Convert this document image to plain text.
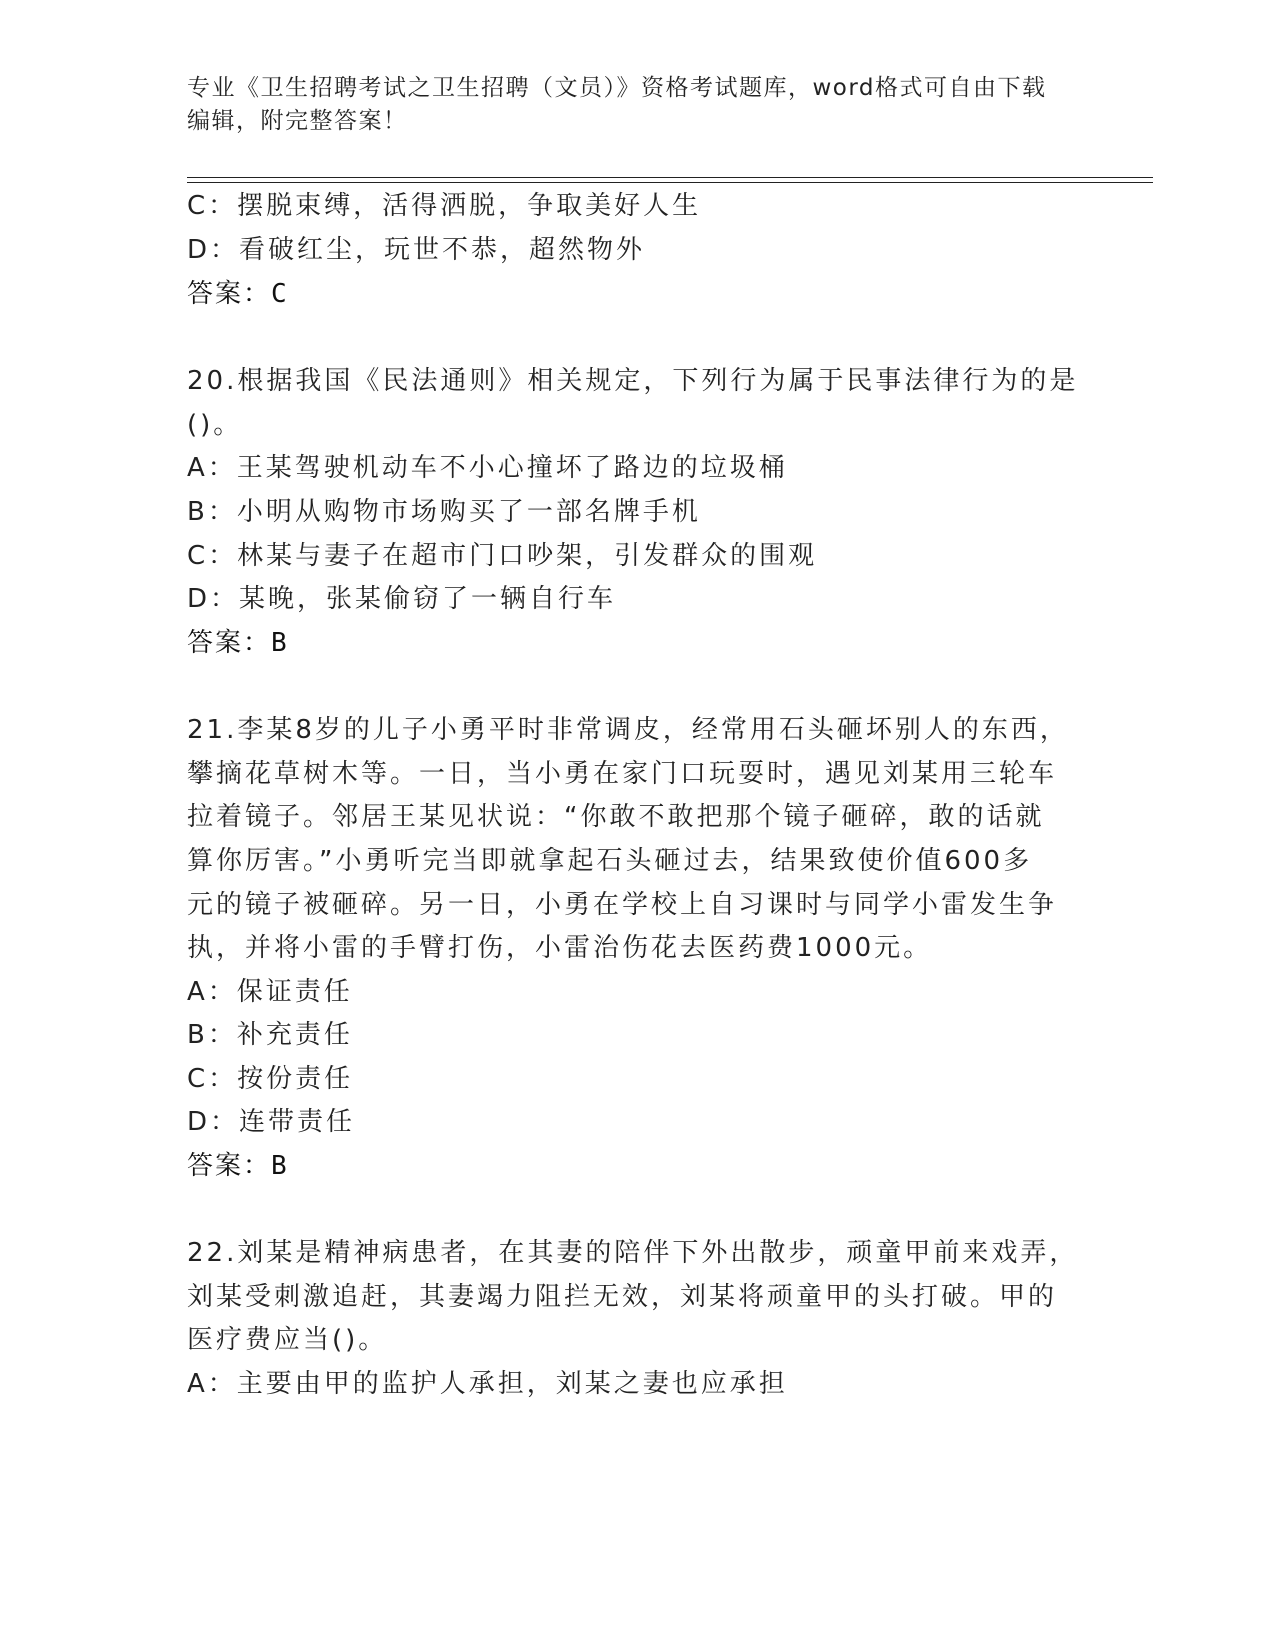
专业《卫生招聘考试之卫生招聘（文员）》资格考试题库，word格式可自由下载
编辑，附完整答案！
C：摆脱束缚，活得洒脱，争取美好人生
D：看破红尘，玩世不恭，超然物外
答案：C
20.根据我国《民法通则》相关规定，下列行为属于民事法律行为的是
()。
A：王某驾驶机动车不小心撞坏了路边的垃圾桶
B：小明从购物市场购买了一部名牌手机
C：林某与妻子在超市门口吵架，引发群众的围观
D：某晚，张某偷窃了一辆自行车
答案：B
21.李某8岁的儿子小勇平时非常调皮，经常用石头砸坏别人的东西，
攀摘花草树木等。一日，当小勇在家门口玩耍时，遇见刘某用三轮车
拉着镜子。邻居王某见状说：“你敢不敢把那个镜子砸碎，敢的话就
算你厉害。”小勇听完当即就拿起石头砸过去，结果致使价值600多
元的镜子被砸碎。另一日，小勇在学校上自习课时与同学小雷发生争
执，并将小雷的手臂打伤，小雷治伤花去医药费1000元。
A：保证责任
B：补充责任
C：按份责任
D：连带责任
答案：B
22.刘某是精神病患者，在其妻的陪伴下外出散步，顽童甲前来戏弄，
刘某受刺激追赶，其妻竭力阻拦无效，刘某将顽童甲的头打破。甲的
医疗费应当()。
A：主要由甲的监护人承担，刘某之妻也应承担
